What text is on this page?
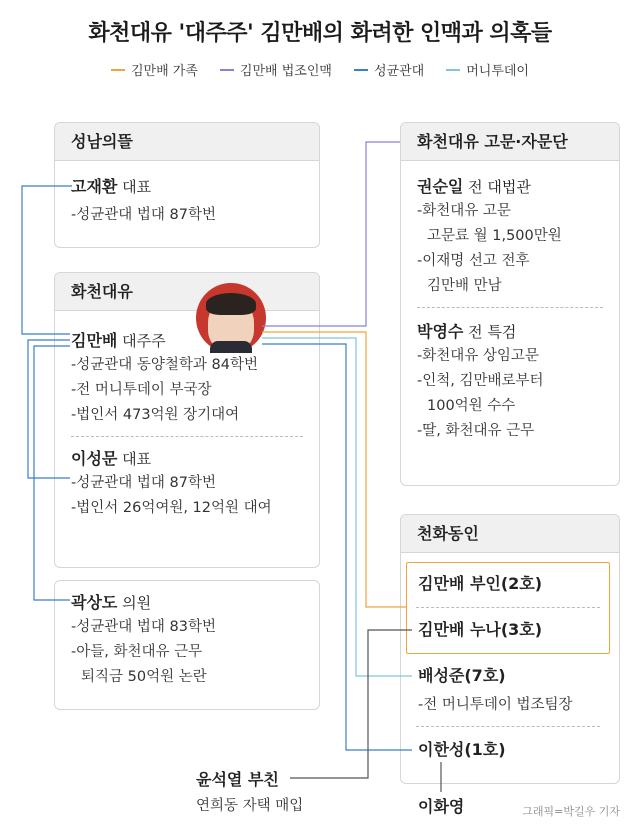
화천대유 '대주주' 김만배의 화려한 인맥과 의혹들
김만배 가족	김만배 법조인맥	성균관대	머니투데이
성남의뜰
고재환 대표
-성균관대 법대 87학번
화천대유
김만배 대주주
-성균관대 동양철학과 84학번
-전 머니투데이 부국장
-법인서 473억원 장기대여
이성문 대표
-성균관대 법대 87학번
-법인서 26억여원, 12억원 대여
곽상도 의원
-성균관대 법대 83학번
-아들, 화천대유 근무
퇴직금 50억원 논란
화천대유 고문·자문단
권순일 전 대법관
-화천대유 고문
고문료 월 1,500만원
-이재명 선고 전후
김만배 만남
박영수 전 특검
-화천대유 상임고문
-인척, 김만배로부터
100억원 수수
-딸, 화천대유 근무
천화동인
김만배 부인(2호)
김만배 누나(3호)
배성준(7호)
-전 머니투데이 법조팀장
이한성(1호)
윤석열 부친
연희동 자택 매입	이화영	그래픽=박길우 기자
